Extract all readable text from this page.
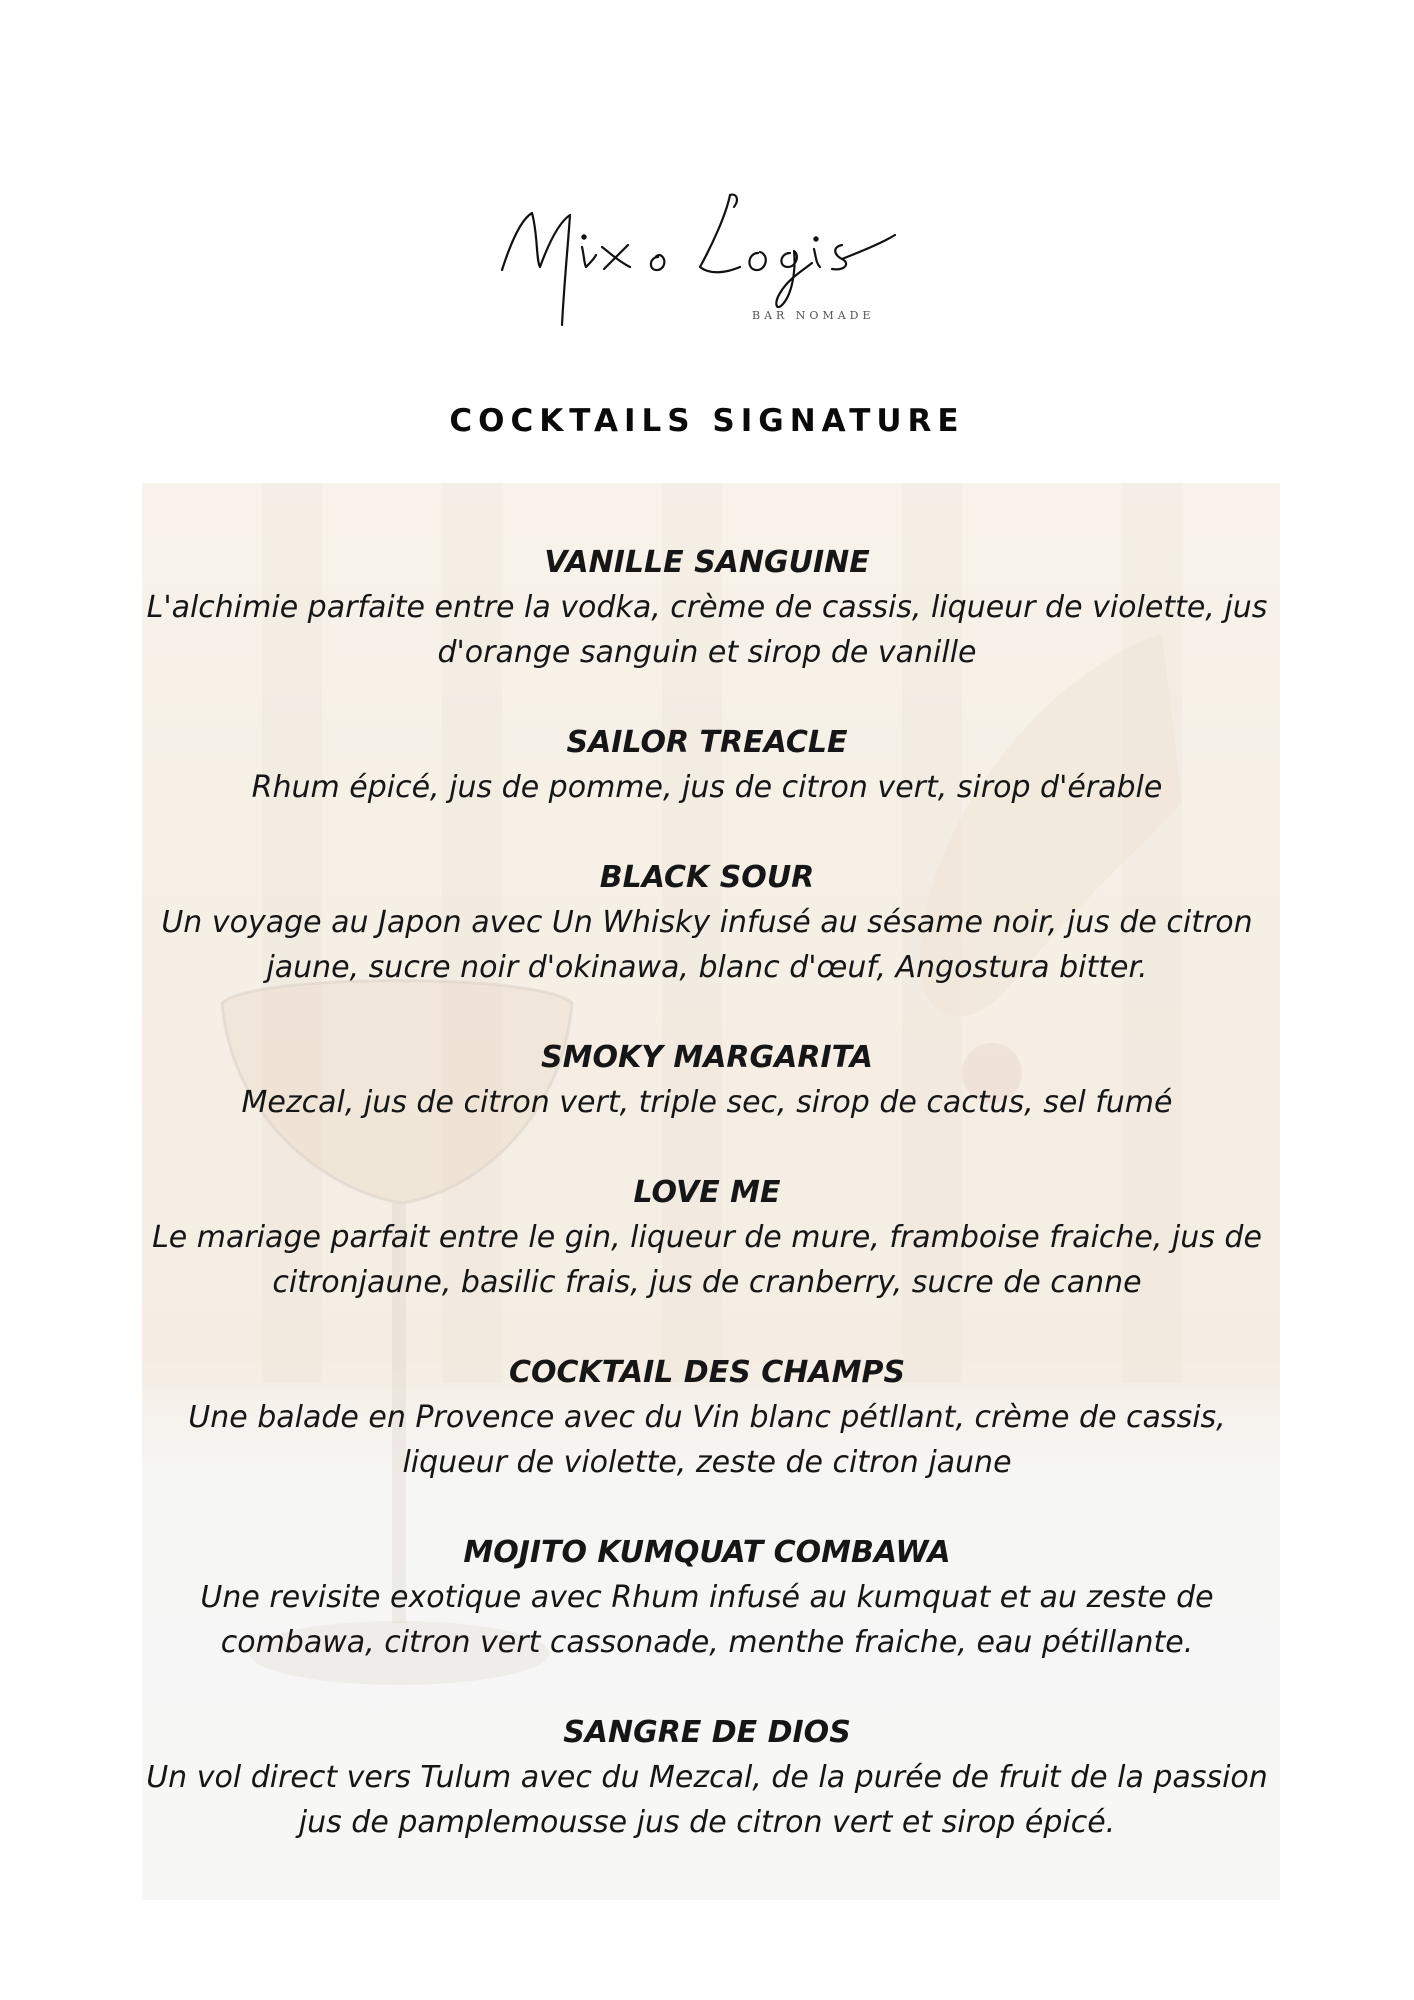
BAR NOMADE
COCKTAILS SIGNATURE
VANILLE SANGUINE
L'alchimie parfaite entre la vodka, crème de cassis, liqueur de violette, jus d'orange sanguin et sirop de vanille
SAILOR TREACLE
Rhum épicé, jus de pomme, jus de citron vert, sirop d'érable
BLACK SOUR
Un voyage au Japon avec Un Whisky infusé au sésame noir, jus de citron jaune, sucre noir d'okinawa, blanc d'œuf, Angostura bitter.
SMOKY MARGARITA
Mezcal, jus de citron vert, triple sec, sirop de cactus, sel fumé
LOVE ME
Le mariage parfait entre le gin, liqueur de mure, framboise fraiche, jus de citronjaune, basilic frais, jus de cranberry, sucre de canne
COCKTAIL DES CHAMPS
Une balade en Provence avec du Vin blanc pétllant, crème de cassis, liqueur de violette, zeste de citron jaune
MOJITO KUMQUAT COMBAWA
Une revisite exotique avec Rhum infusé au kumquat et au zeste de combawa, citron vert cassonade, menthe fraiche, eau pétillante.
SANGRE DE DIOS
Un vol direct vers Tulum avec du Mezcal, de la purée de fruit de la passion jus de pamplemousse jus de citron vert et sirop épicé.
